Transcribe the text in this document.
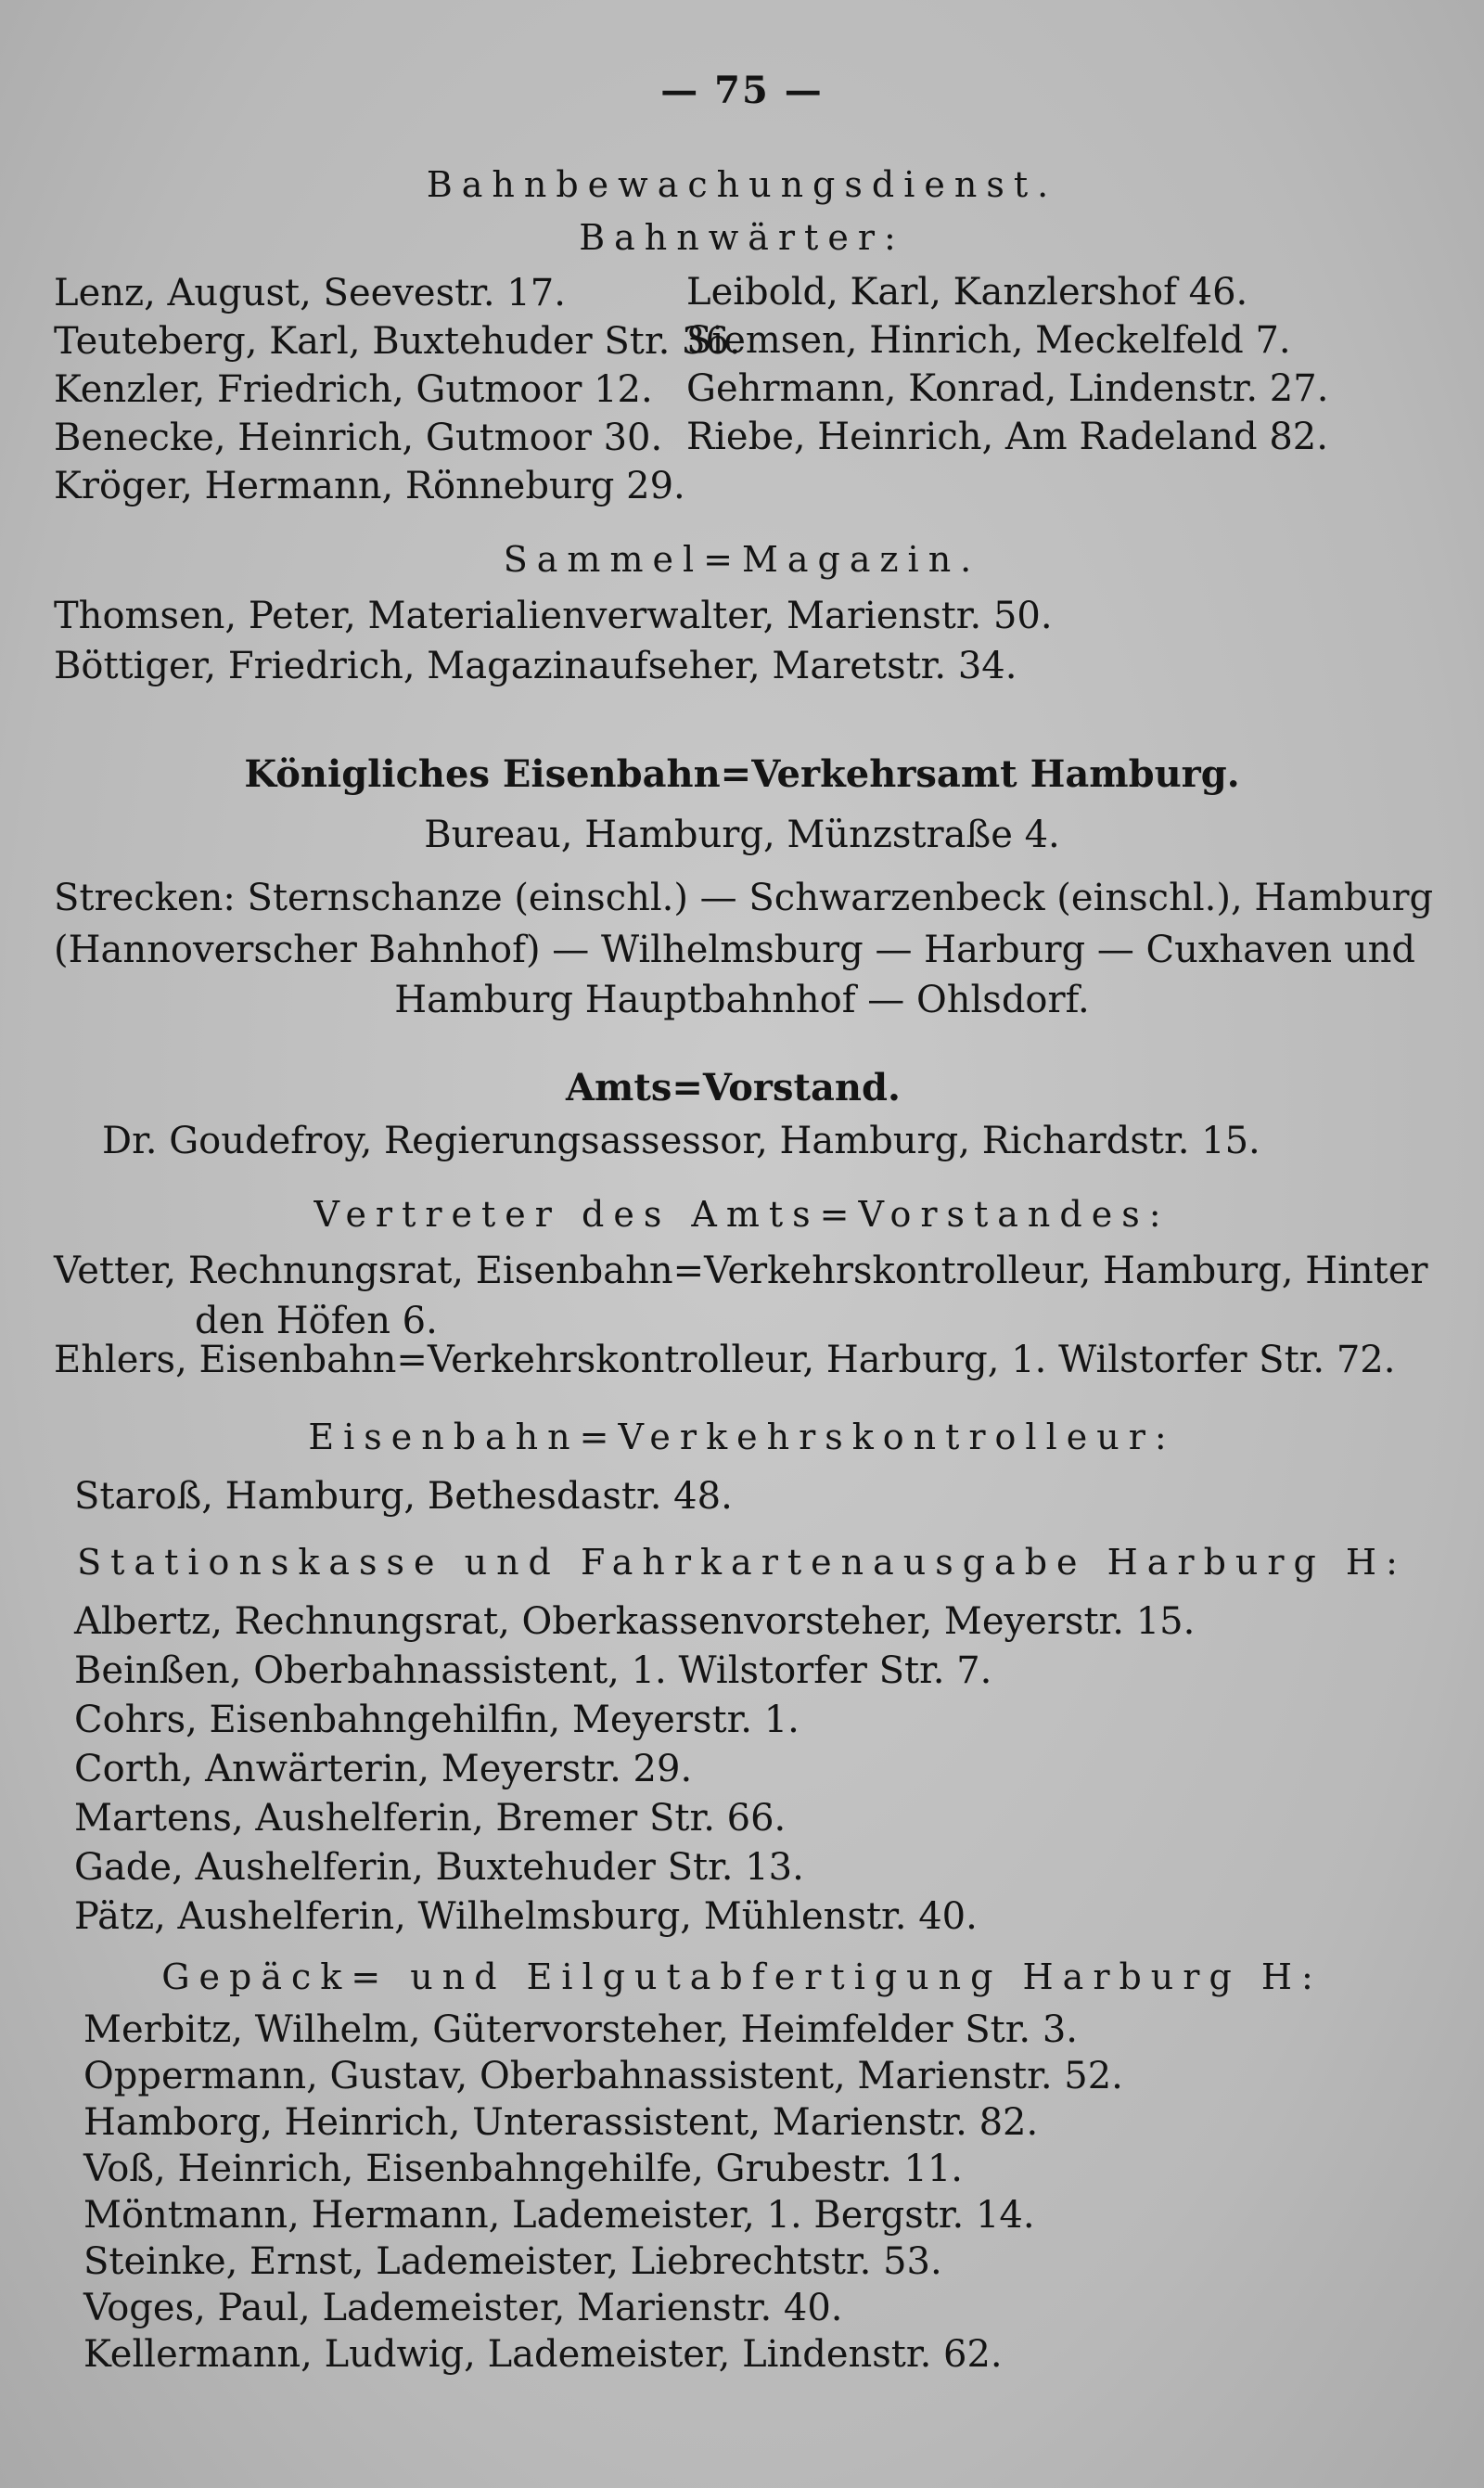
— 75 —
Bahnbewachungsdienst.
Bahnwärter:
Lenz, August, Seevestr. 17.
Teuteberg, Karl, Buxtehuder Str. 36.
Kenzler, Friedrich, Gutmoor 12.
Benecke, Heinrich, Gutmoor 30.
Kröger, Hermann, Rönneburg 29.
Leibold, Karl, Kanzlershof 46.
Siemsen, Hinrich, Meckelfeld 7.
Gehrmann, Konrad, Lindenstr. 27.
Riebe, Heinrich, Am Radeland 82.
Sammel=Magazin.
Thomsen, Peter, Materialienverwalter, Marienstr. 50.
Böttiger, Friedrich, Magazinaufseher, Maretstr. 34.
Königliches Eisenbahn=Verkehrsamt Hamburg.
Bureau, Hamburg, Münzstraße 4.
Strecken: Sternschanze (einschl.) — Schwarzenbeck (einschl.), Hamburg
(Hannoverscher Bahnhof) — Wilhelmsburg — Harburg — Cuxhaven und
Hamburg Hauptbahnhof — Ohlsdorf.
Amts=Vorstand.
Dr. Goudefroy, Regierungsassessor, Hamburg, Richardstr. 15.
Vertreter des Amts=Vorstandes:
Vetter, Rechnungsrat, Eisenbahn=Verkehrskontrolleur, Hamburg, Hinter
den Höfen 6.
Ehlers, Eisenbahn=Verkehrskontrolleur, Harburg, 1. Wilstorfer Str. 72.
Eisenbahn=Verkehrskontrolleur:
Staroß, Hamburg, Bethesdastr. 48.
Stationskasse und Fahrkartenausgabe Harburg H:
Albertz, Rechnungsrat, Oberkassenvorsteher, Meyerstr. 15.
Beinßen, Oberbahnassistent, 1. Wilstorfer Str. 7.
Cohrs, Eisenbahngehilfin, Meyerstr. 1.
Corth, Anwärterin, Meyerstr. 29.
Martens, Aushelferin, Bremer Str. 66.
Gade, Aushelferin, Buxtehuder Str. 13.
Pätz, Aushelferin, Wilhelmsburg, Mühlenstr. 40.
Gepäck= und Eilgutabfertigung Harburg H:
Merbitz, Wilhelm, Gütervorsteher, Heimfelder Str. 3.
Oppermann, Gustav, Oberbahnassistent, Marienstr. 52.
Hamborg, Heinrich, Unterassistent, Marienstr. 82.
Voß, Heinrich, Eisenbahngehilfe, Grubestr. 11.
Möntmann, Hermann, Lademeister, 1. Bergstr. 14.
Steinke, Ernst, Lademeister, Liebrechtstr. 53.
Voges, Paul, Lademeister, Marienstr. 40.
Kellermann, Ludwig, Lademeister, Lindenstr. 62.
